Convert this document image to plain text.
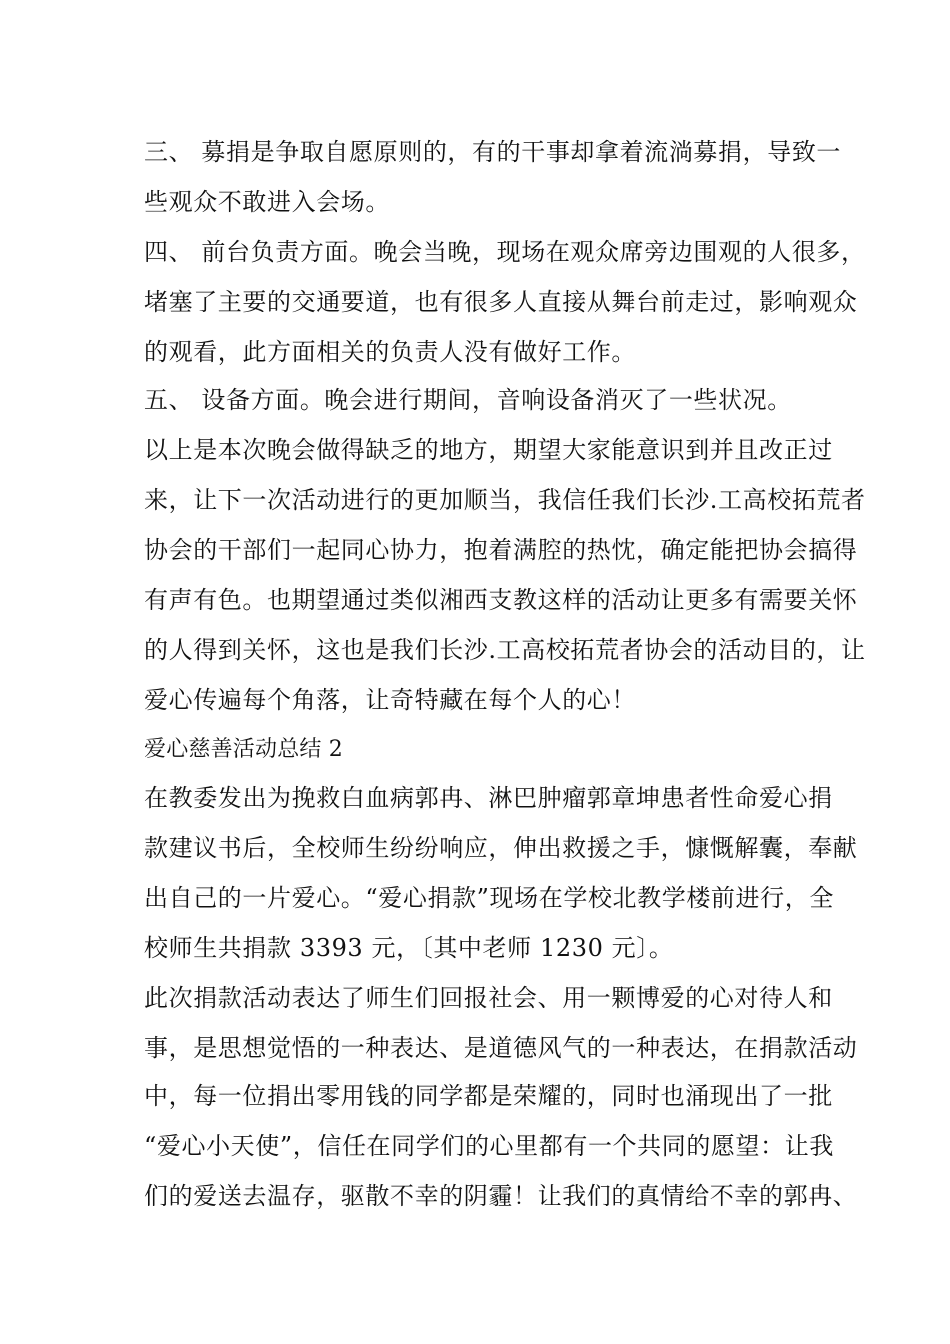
三、 募捐是争取自愿原则的，有的干事却拿着流淌募捐，导致一
些观众不敢进入会场。
四、 前台负责方面。晚会当晚，现场在观众席旁边围观的人很多，
堵塞了主要的交通要道，也有很多人直接从舞台前走过，影响观众
的观看，此方面相关的负责人没有做好工作。
五、 设备方面。晚会进行期间，音响设备消灭了一些状况。
以上是本次晚会做得缺乏的地方，期望大家能意识到并且改正过
来，让下一次活动进行的更加顺当，我信任我们长沙.工高校拓荒者
协会的干部们一起同心协力，抱着满腔的热忱，确定能把协会搞得
有声有色。也期望通过类似湘西支教这样的活动让更多有需要关怀
的人得到关怀，这也是我们长沙.工高校拓荒者协会的活动目的，让
爱心传遍每个角落，让奇特藏在每个人的心！
爱心慈善活动总结 2
在教委发出为挽救白血病郭冉、淋巴肿瘤郭章坤患者性命爱心捐
款建议书后，全校师生纷纷响应，伸出救援之手，慷慨解囊，奉献
出自己的一片爱心。“爱心捐款”现场在学校北教学楼前进行，全
校师生共捐款 3393 元，〔其中老师 1230 元〕。
此次捐款活动表达了师生们回报社会、用一颗博爱的心对待人和
事，是思想觉悟的一种表达、是道德风气的一种表达，在捐款活动
中，每一位捐出零用钱的同学都是荣耀的，同时也涌现出了一批
“爱心小天使”，信任在同学们的心里都有一个共同的愿望：让我
们的爱送去温存，驱散不幸的阴霾！让我们的真情给不幸的郭冉、
